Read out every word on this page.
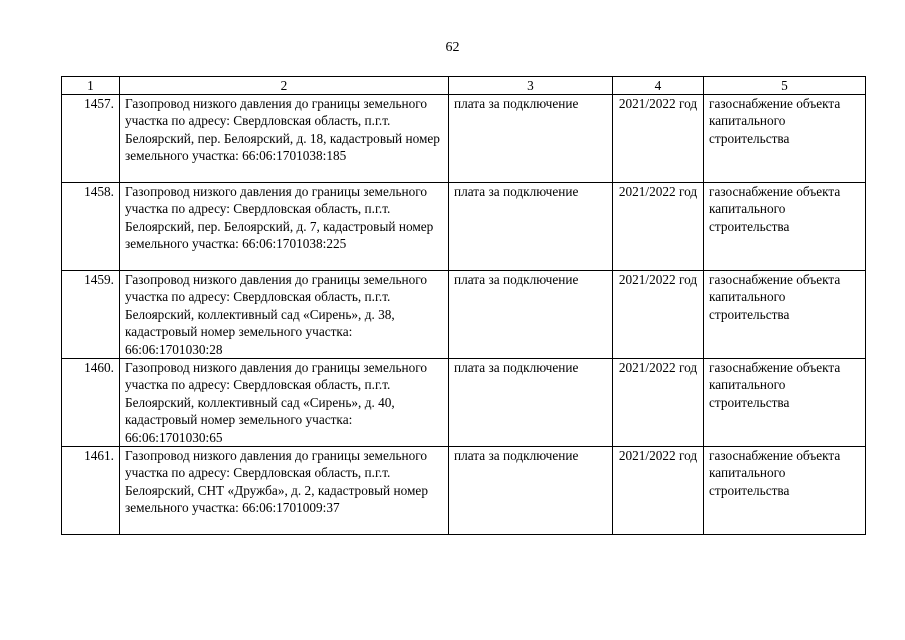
62
1	2	3	4	5
1457.	Газопровод низкого давления до границы земельного участка по адресу: Свердловская область, п.г.т. Белоярский, пер. Белоярский, д. 18, кадастровый номер земельного участка: 66:06:1701038:185	плата за подключение	2021/2022 год	газоснабжение объекта капитального строительства
1458.	Газопровод низкого давления до границы земельного участка по адресу: Свердловская область, п.г.т. Белоярский, пер. Белоярский, д. 7, кадастровый номер земельного участка: 66:06:1701038:225	плата за подключение	2021/2022 год	газоснабжение объекта капитального строительства
1459.	Газопровод низкого давления до границы земельного участка по адресу: Свердловская область, п.г.т. Белоярский, коллективный сад «Сирень», д. 38, кадастровый номер земельного участка: 66:06:1701030:28	плата за подключение	2021/2022 год	газоснабжение объекта капитального строительства
1460.	Газопровод низкого давления до границы земельного участка по адресу: Свердловская область, п.г.т. Белоярский, коллективный сад «Сирень», д. 40, кадастровый номер земельного участка: 66:06:1701030:65	плата за подключение	2021/2022 год	газоснабжение объекта капитального строительства
1461.	Газопровод низкого давления до границы земельного участка по адресу: Свердловская область, п.г.т. Белоярский, СНТ «Дружба», д. 2, кадастровый номер земельного участка: 66:06:1701009:37	плата за подключение	2021/2022 год	газоснабжение объекта капитального строительства
